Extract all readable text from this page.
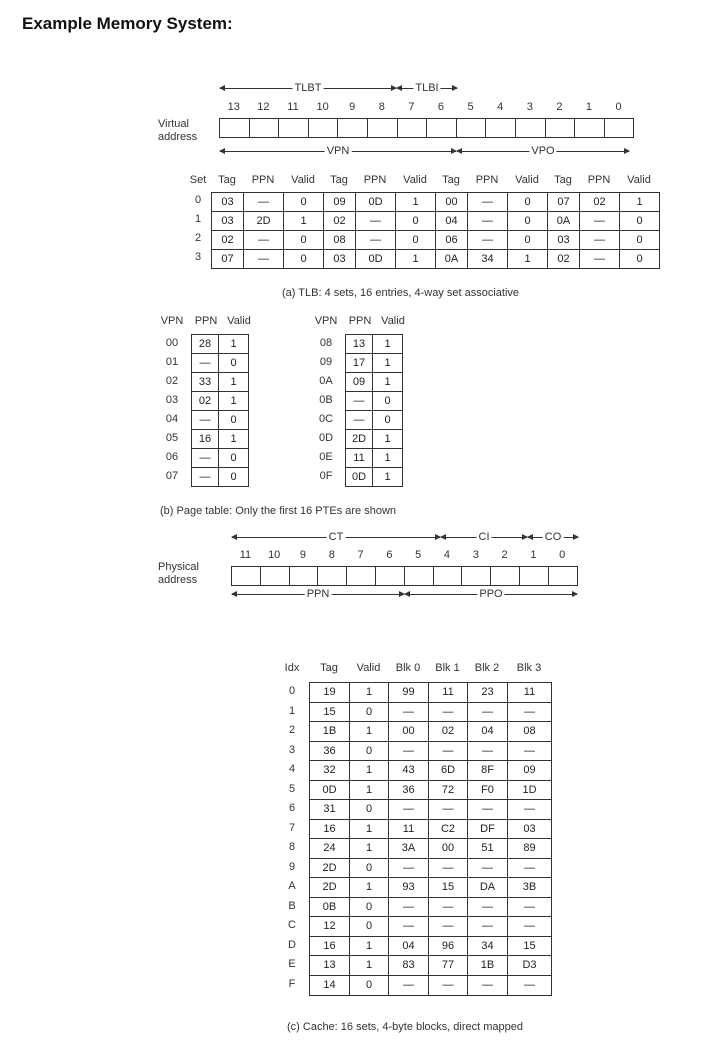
Example Memory System:
TLBT	TLBI
13	12	11	10	9	8	7	6	5	4	3	2	1	0
Virtual
address
VPN	VPO
Set	Tag	PPN	Valid	Tag	PPN	Valid	Tag	PPN	Valid	Tag	PPN	Valid
0	03	—	0	09	0D	1	00	—	0	07	02	1
1	03	2D	1	02	—	0	04	—	0	0A	—	0
2	02	—	0	08	—	0	06	—	0	03	—	0
3	07	—	0	03	0D	1	0A	34	1	02	—	0
(a) TLB: 4 sets, 16 entries, 4-way set associative
VPN	PPN Valid
00	28	1
01	—	0
02	33	1
03	02	1
04	—	0
05	16	1
06	—	0
07	—	0
VPN	PPN Valid
08	13	1
09	17	1
0A	09	1
0B	—	0
0C	—	0
0D	2D	1
0E	11	1
0F	0D	1
(b) Page table: Only the first 16 PTEs are shown
CT	CI	CO
11	10	9	8	7	6	5	4	3	2	1	0
Physical
address
PPN	PPO
Idx	Tag	Valid	Blk 0	Blk 1	Blk 2	Blk 3
0	19	1	99	11	23	11
1	15	0	—	—	—	—
2	1B	1	00	02	04	08
3	36	0	—	—	—	—
4	32	1	43	6D	8F	09
5	0D	1	36	72	F0	1D
6	31	0	—	—	—	—
7	16	1	11	C2	DF	03
8	24	1	3A	00	51	89
9	2D	0	—	—	—	—
A	2D	1	93	15	DA	3B
B	0B	0	—	—	—	—
C	12	0	—	—	—	—
D	16	1	04	96	34	15
E	13	1	83	77	1B	D3
F	14	0	—	—	—	—
(c) Cache: 16 sets, 4-byte blocks, direct mapped
